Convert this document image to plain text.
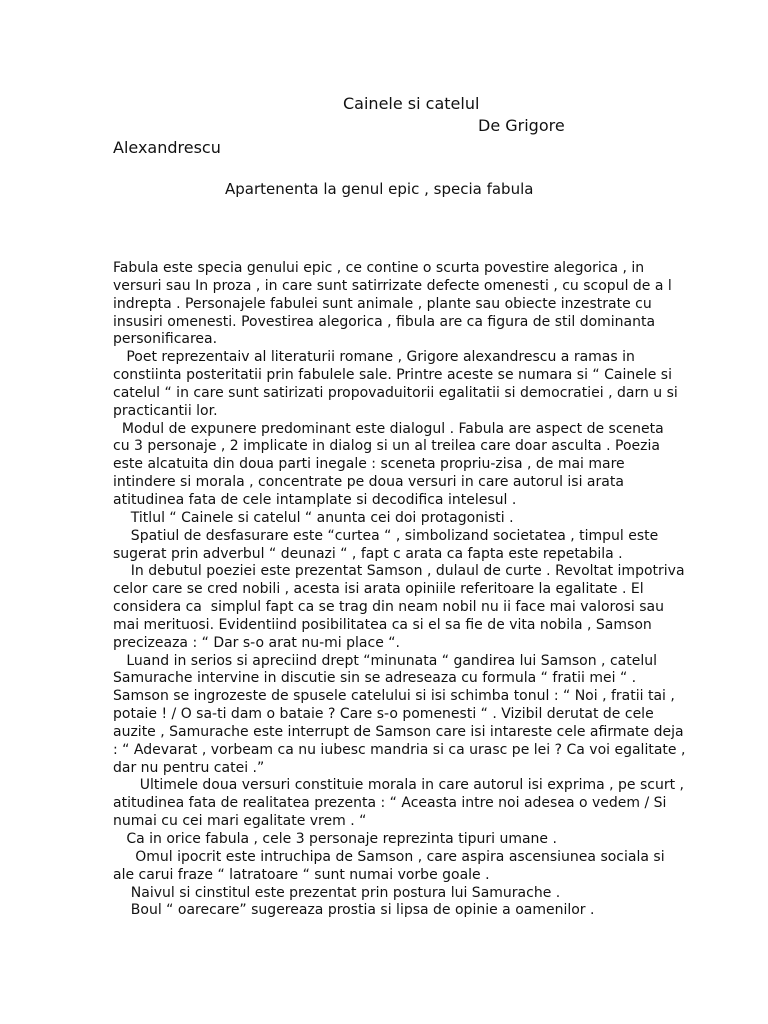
Cainele si catelul
De Grigore
Alexandrescu
Apartenenta la genul epic , specia fabula
Fabula este specia genului epic , ce contine o scurta povestire alegorica , in
versuri sau In proza , in care sunt satirrizate defecte omenesti , cu scopul de a l
indrepta . Personajele fabulei sunt animale , plante sau obiecte inzestrate cu
insusiri omenesti. Povestirea alegorica , fibula are ca figura de stil dominanta
personificarea.
Poet reprezentaiv al literaturii romane , Grigore alexandrescu a ramas in
constiinta posteritatii prin fabulele sale. Printre aceste se numara si “ Cainele si
catelul “ in care sunt satirizati propovaduitorii egalitatii si democratiei , darn u si
practicantii lor.
Modul de expunere predominant este dialogul . Fabula are aspect de sceneta
cu 3 personaje , 2 implicate in dialog si un al treilea care doar asculta . Poezia
este alcatuita din doua parti inegale : sceneta propriu-zisa , de mai mare
intindere si morala , concentrate pe doua versuri in care autorul isi arata
atitudinea fata de cele intamplate si decodifica intelesul .
Titlul “ Cainele si catelul “ anunta cei doi protagonisti .
Spatiul de desfasurare este “curtea “ , simbolizand societatea , timpul este
sugerat prin adverbul “ deunazi “ , fapt c arata ca fapta este repetabila .
In debutul poeziei este prezentat Samson , dulaul de curte . Revoltat impotriva
celor care se cred nobili , acesta isi arata opiniile referitoare la egalitate . El
considera ca  simplul fapt ca se trag din neam nobil nu ii face mai valorosi sau
mai merituosi. Evidentiind posibilitatea ca si el sa fie de vita nobila , Samson
precizeaza : “ Dar s-o arat nu-mi place “.
Luand in serios si apreciind drept “minunata “ gandirea lui Samson , catelul
Samurache intervine in discutie sin se adreseaza cu formula “ fratii mei “ .
Samson se ingrozeste de spusele catelului si isi schimba tonul : “ Noi , fratii tai ,
potaie ! / O sa-ti dam o bataie ? Care s-o pomenesti “ . Vizibil derutat de cele
auzite , Samurache este interrupt de Samson care isi intareste cele afirmate deja
: “ Adevarat , vorbeam ca nu iubesc mandria si ca urasc pe lei ? Ca voi egalitate ,
dar nu pentru catei .”
Ultimele doua versuri constituie morala in care autorul isi exprima , pe scurt ,
atitudinea fata de realitatea prezenta : “ Aceasta intre noi adesea o vedem / Si
numai cu cei mari egalitate vrem . “
Ca in orice fabula , cele 3 personaje reprezinta tipuri umane .
Omul ipocrit este intruchipa de Samson , care aspira ascensiunea sociala si
ale carui fraze “ latratoare “ sunt numai vorbe goale .
Naivul si cinstitul este prezentat prin postura lui Samurache .
Boul “ oarecare” sugereaza prostia si lipsa de opinie a oamenilor .
